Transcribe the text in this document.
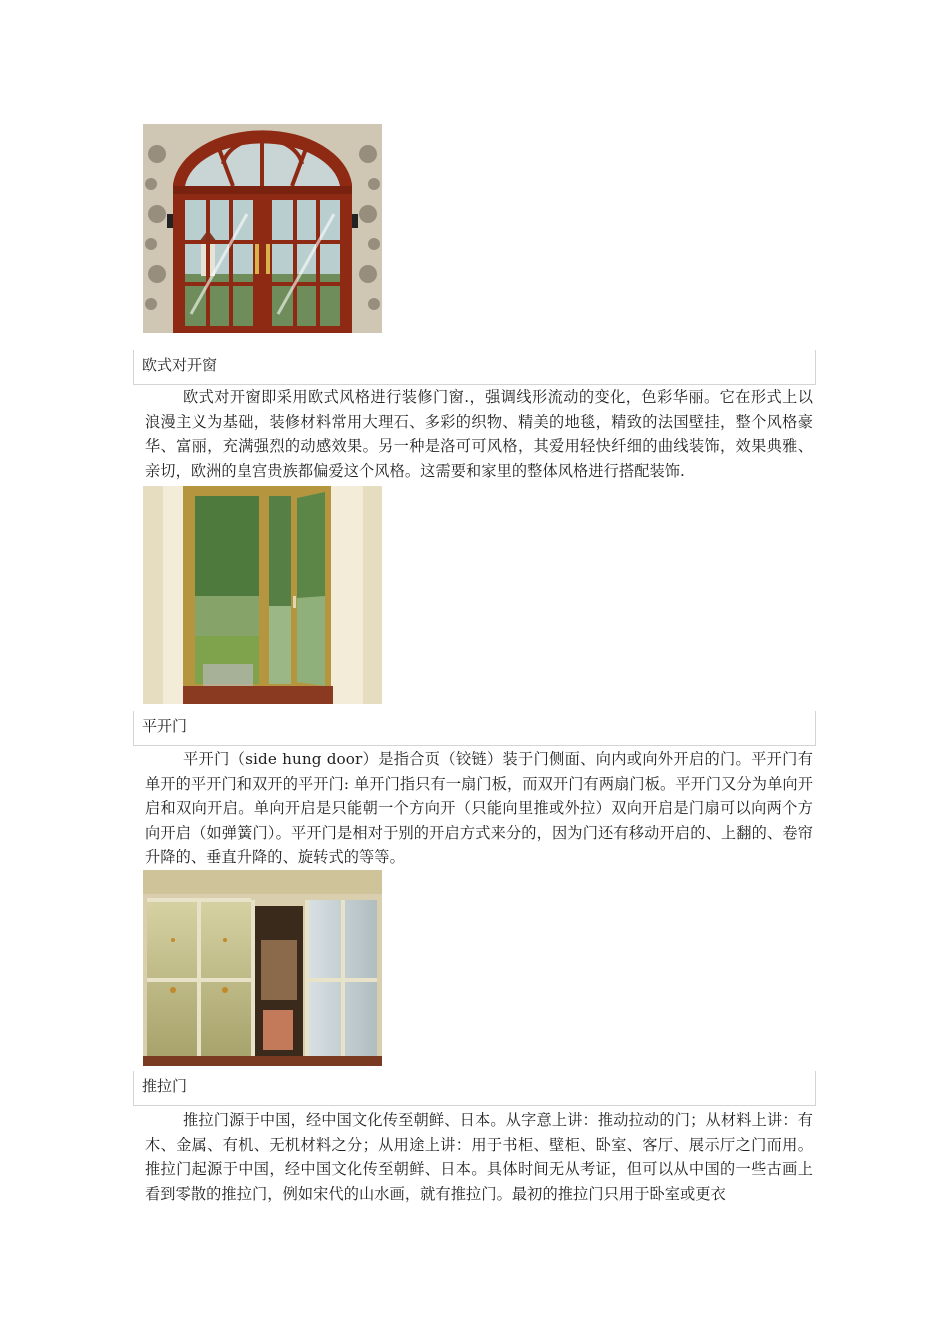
欧式对开窗

欧式对开窗即采用欧式风格进行装修门窗.，强调线形流动的变化，色彩华丽。它在形式上以浪漫主义为基础，装修材料常用大理石、多彩的织物、精美的地毯，精致的法国壁挂，整个风格豪华、富丽，充满强烈的动感效果。另一种是洛可可风格，其爱用轻快纤细的曲线装饰，效果典雅、亲切，欧洲的皇宫贵族都偏爱这个风格。这需要和家里的整体风格进行搭配装饰.

平开门

平开门（side hung door）是指合页（铰链）装于门侧面、向内或向外开启的门。平开门有单开的平开门和双开的平开门: 单开门指只有一扇门板，而双开门有两扇门板。平开门又分为单向开启和双向开启。单向开启是只能朝一个方向开（只能向里推或外拉）双向开启是门扇可以向两个方向开启（如弹簧门）。平开门是相对于别的开启方式来分的，因为门还有移动开启的、上翻的、卷帘升降的、垂直升降的、旋转式的等等。

推拉门

推拉门源于中国，经中国文化传至朝鲜、日本。从字意上讲：推动拉动的门；从材料上讲：有木、金属、有机、无机材料之分；从用途上讲：用于书柜、壁柜、卧室、客厅、展示厅之门而用。推拉门起源于中国，经中国文化传至朝鲜、日本。具体时间无从考证，但可以从中国的一些古画上看到零散的推拉门，例如宋代的山水画，就有推拉门。最初的推拉门只用于卧室或更衣
